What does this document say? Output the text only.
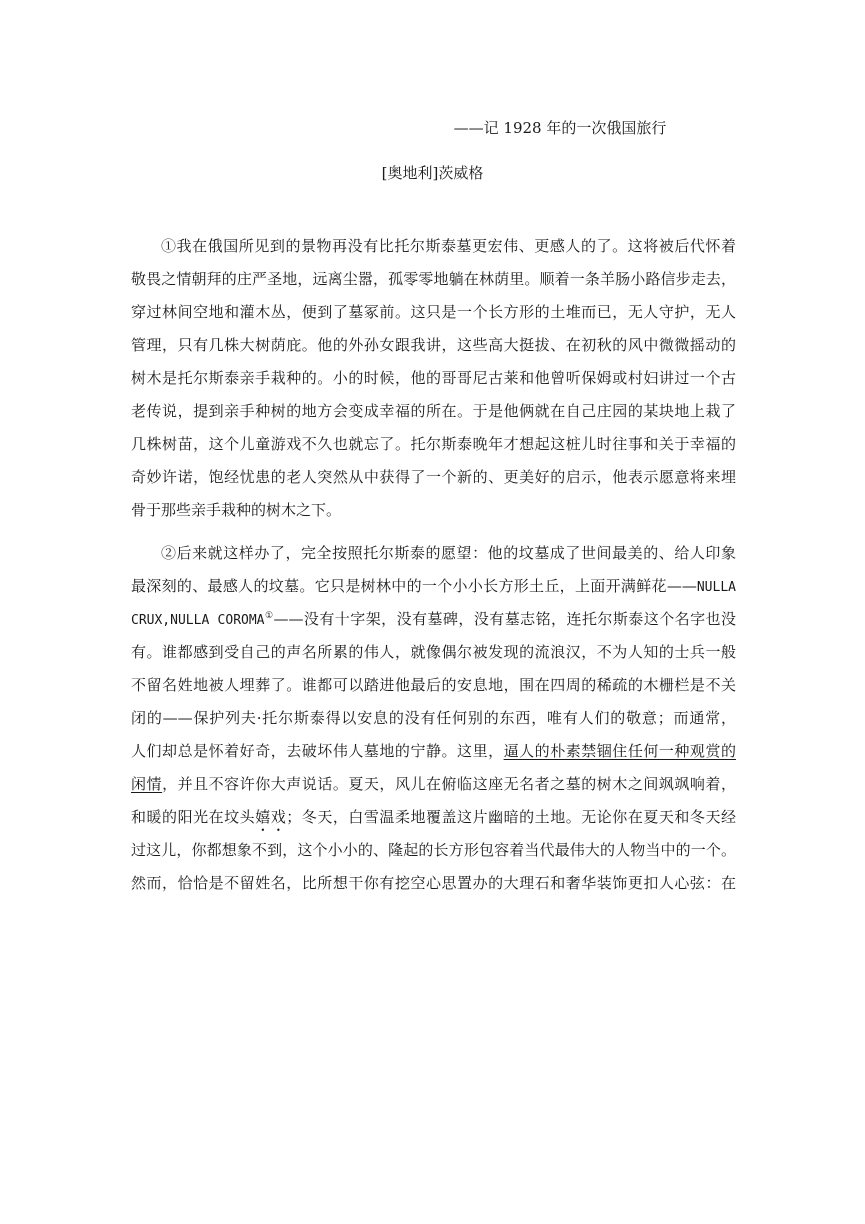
——记 1928 年的一次俄国旅行
[奥地利]茨威格
①我在俄国所见到的景物再没有比托尔斯泰墓更宏伟、更感人的了。这将被后代怀着
敬畏之情朝拜的庄严圣地，远离尘嚣，孤零零地躺在林荫里。顺着一条羊肠小路信步走去，
穿过林间空地和灌木丛，便到了墓冢前。这只是一个长方形的土堆而已，无人守护，无人
管理，只有几株大树荫庇。他的外孙女跟我讲，这些高大挺拔、在初秋的风中微微摇动的
树木是托尔斯泰亲手栽种的。小的时候，他的哥哥尼古莱和他曾听保姆或村妇讲过一个古
老传说，提到亲手种树的地方会变成幸福的所在。于是他俩就在自己庄园的某块地上栽了
几株树苗，这个儿童游戏不久也就忘了。托尔斯泰晚年才想起这桩儿时往事和关于幸福的
奇妙许诺，饱经忧患的老人突然从中获得了一个新的、更美好的启示，他表示愿意将来埋
骨于那些亲手栽种的树木之下。
②后来就这样办了，完全按照托尔斯泰的愿望：他的坟墓成了世间最美的、给人印象
最深刻的、最感人的坟墓。它只是树林中的一个小小长方形土丘，上面开满鲜花——NULLA
CRUX,NULLA COROMA①——没有十字架，没有墓碑，没有墓志铭，连托尔斯泰这个名字也没
有。谁都感到受自己的声名所累的伟人，就像偶尔被发现的流浪汉，不为人知的士兵一般
不留名姓地被人埋葬了。谁都可以踏进他最后的安息地，围在四周的稀疏的木栅栏是不关
闭的——保护列夫·托尔斯泰得以安息的没有任何别的东西，唯有人们的敬意；而通常，
人们却总是怀着好奇，去破坏伟人墓地的宁静。这里，逼人的朴素禁锢住任何一种观赏的
闲情，并且不容许你大声说话。夏天，风儿在俯临这座无名者之墓的树木之间飒飒响着，
和暖的阳光在坟头嬉戏；冬天，白雪温柔地覆盖这片幽暗的土地。无论你在夏天和冬天经
过这儿，你都想象不到，这个小小的、隆起的长方形包容着当代最伟大的人物当中的一个。
然而，恰恰是不留姓名，比所想干你有挖空心思置办的大理石和奢华装饰更扣人心弦：在
